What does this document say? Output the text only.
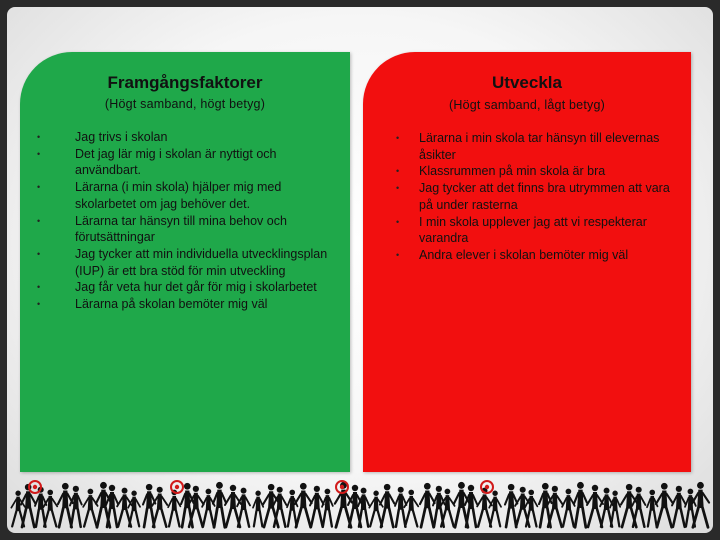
Framgångsfaktorer
(Högt samband, högt betyg)
•	Jag trivs i skolan
•	Det jag lär mig i skolan är nyttigt och användbart.
•	Lärarna (i min skola) hjälper mig med skolarbetet om jag behöver det.
•	Lärarna tar hänsyn till mina behov och förutsättningar
•	Jag tycker att min individuella utvecklingsplan (IUP) är ett bra stöd för min utveckling
•	Jag får veta hur det går för mig i skolarbetet
•	Lärarna på skolan bemöter mig väl
Utveckla
(Högt samband, lågt betyg)
• Lärarna i min skola tar hänsyn till elevernas åsikter
• Klassrummen på min skola är bra
• Jag tycker att det finns bra utrymmen att vara på under rasterna
• I min skola upplever jag att vi respekterar varandra
• Andra elever i skolan bemöter mig väl
